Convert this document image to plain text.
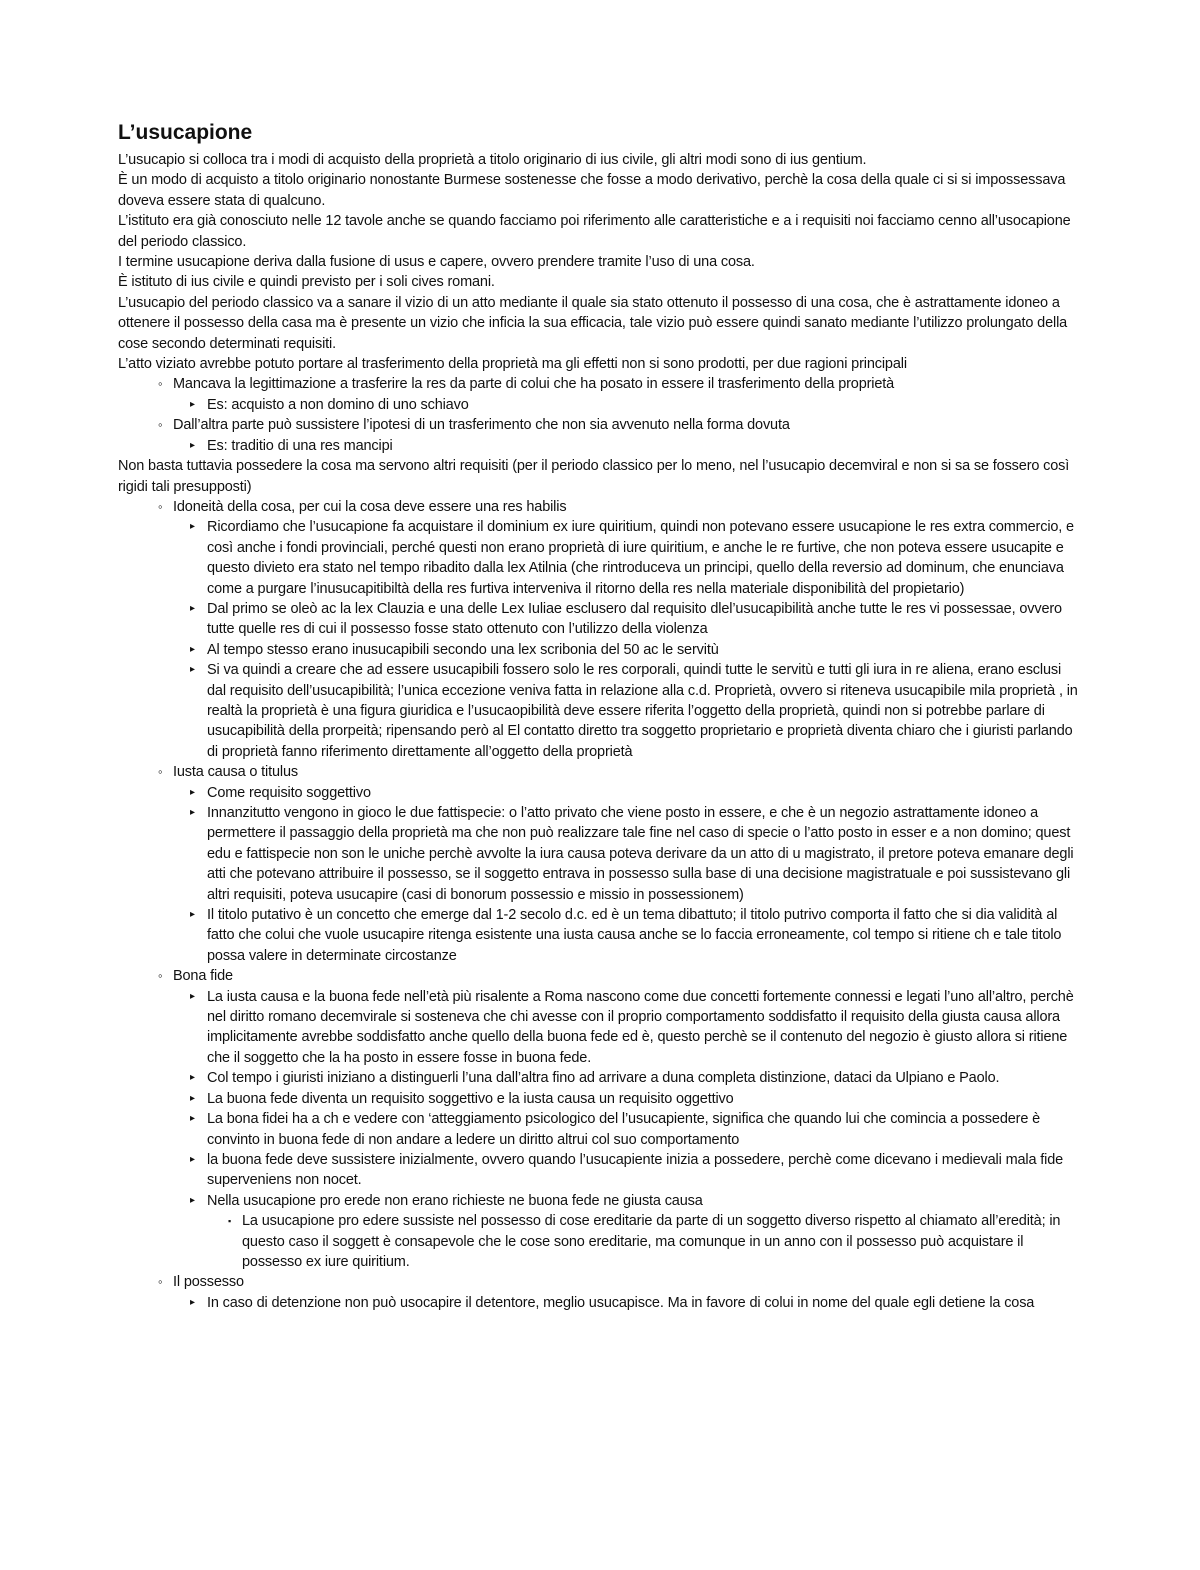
L’usucapione

L’usucapio si colloca tra i modi di acquisto della proprietà a titolo originario di ius civile, gli altri modi sono di ius gentium.

È un modo di acquisto a titolo originario nonostante Burmese sostenesse che fosse a modo derivativo, perchè la cosa della quale ci si si impossessava doveva essere stata di qualcuno.

L’istituto era già conosciuto nelle 12 tavole anche se quando facciamo poi riferimento alle caratteristiche e a i requisiti noi facciamo cenno all’usocapione del periodo classico.

I termine usucapione deriva dalla fusione di usus e capere, ovvero prendere tramite l’uso di una cosa.

È istituto di ius civile e quindi previsto per i soli cives romani.

L’usucapio del periodo classico va a sanare il vizio di un atto mediante il quale sia stato ottenuto il possesso di una cosa, che è astrattamente idoneo a ottenere il possesso della casa ma è presente un vizio che inficia la sua efficacia, tale vizio può essere quindi sanato mediante l’utilizzo prolungato della cose secondo determinati requisiti.

L’atto viziato avrebbe potuto portare al trasferimento della proprietà ma gli effetti non si sono prodotti, per due ragioni principali

◦ Mancava la legittimazione a trasferire la res da parte di colui che ha posato in essere il trasferimento della proprietà
▸ Es: acquisto a non domino di uno schiavo
◦ Dall’altra parte può sussistere l’ipotesi di un trasferimento che non sia avvenuto nella forma dovuta
▸ Es: traditio di una res mancipi

Non basta tuttavia possedere la cosa ma servono altri requisiti (per il periodo classico per lo meno, nel l’usucapio decemviral e non si sa se fossero così rigidi tali presupposti)

◦ Idoneità della cosa, per cui la cosa deve essere una res habilis
▸ Ricordiamo che l’usucapione fa acquistare il dominium ex iure quiritium, quindi non potevano essere usucapione le res extra commercio, e così anche i fondi provinciali, perché questi non erano proprietà di iure quiritium, e anche le re furtive, che non poteva essere usucapite e questo divieto era stato nel tempo ribadito dalla lex Atilnia (che rintroduceva un principi, quello della reversio ad dominum, che enunciava come a purgare l’inusucapitibiltà della res furtiva interveniva il ritorno della res nella materiale disponibilità del propietario)
▸ Dal primo se oleò ac la lex Clauzia e una delle Lex Iuliae esclusero dal requisito dlel’usucapibilità anche tutte le res vi possessae, ovvero tutte quelle res di cui il possesso fosse stato ottenuto con l’utilizzo della violenza
▸ Al tempo stesso erano inusucapibili secondo una lex scribonia del 50 ac le servitù
▸ Si va quindi a creare che ad essere usucapibili fossero solo le res corporali, quindi tutte le servitù e tutti gli iura in re aliena, erano esclusi dal requisito dell’usucapibilità; l’unica eccezione veniva fatta in relazione alla c.d. Proprietà, ovvero si riteneva usucapibile mila proprietà , in realtà la proprietà è una figura giuridica e l’usucaopibilità deve essere riferita l’oggetto della proprietà, quindi non si potrebbe parlare di usucapibilità della prorpeità; ripensando però al El contatto diretto tra soggetto proprietario e proprietà diventa chiaro che i giuristi parlando di proprietà fanno riferimento direttamente all’oggetto della proprietà
◦ Iusta causa o titulus
▸ Come requisito soggettivo
▸ Innanzitutto vengono in gioco le due fattispecie: o l’atto privato che viene posto in essere, e che è un negozio astrattamente idoneo a permettere il passaggio della proprietà ma che non può realizzare tale fine nel caso di specie o l’atto posto in esser e a non domino; quest edu e fattispecie non son le uniche perchè avvolte la iura causa poteva derivare da un atto di u magistrato, il pretore poteva emanare degli atti che potevano attribuire il possesso, se il soggetto entrava in possesso sulla base di una decisione magistratuale e poi sussistevano gli altri requisiti, poteva usucapire (casi di bonorum possessio e missio in possessionem)
▸ Il titolo putativo è un concetto che emerge dal 1-2 secolo d.c. ed è un tema dibattuto; il titolo putrivo comporta il fatto che si dia validità al fatto che colui che vuole usucapire ritenga esistente una iusta causa anche se lo faccia erroneamente, col tempo si ritiene ch e tale titolo possa valere in determinate circostanze
◦ Bona fide
▸ La iusta causa e la buona fede nell’età più risalente a Roma nascono come due concetti fortemente connessi e legati l’uno all’altro, perchè nel diritto romano decemvirale si sosteneva che chi avesse con il proprio comportamento soddisfatto il requisito della giusta causa allora implicitamente avrebbe soddisfatto anche quello della buona fede ed è, questo perchè se il contenuto del negozio è giusto allora si ritiene che il soggetto che la ha posto in essere fosse in buona fede.
▸ Col tempo i giuristi iniziano a distinguerli l’una dall’altra fino ad arrivare a duna completa distinzione, dataci da Ulpiano e Paolo.
▸ La buona fede diventa un requisito soggettivo e la iusta causa un requisito oggettivo
▸ La bona fidei ha a ch e vedere con ‘atteggiamento psicologico del l’usucapiente, significa che quando lui che comincia a possedere è convinto in buona fede di non andare a ledere un diritto altrui col suo comportamento
▸ la buona fede deve sussistere inizialmente, ovvero quando l’usucapiente inizia a possedere, perchè come dicevano i medievali mala fide superveniens non nocet.
▸ Nella usucapione pro erede non erano richieste ne buona fede ne giusta causa
▪ La usucapione pro edere sussiste nel possesso di cose ereditarie da parte di un soggetto diverso rispetto al chiamato all’eredità; in questo caso il soggett è consapevole che le cose sono ereditarie, ma comunque in un anno con il possesso può acquistare il possesso ex iure quiritium.
◦ Il possesso
▸ In caso di detenzione non può usocapire il detentore, meglio usucapisce. Ma in favore di colui in nome del quale egli detiene la cosa
